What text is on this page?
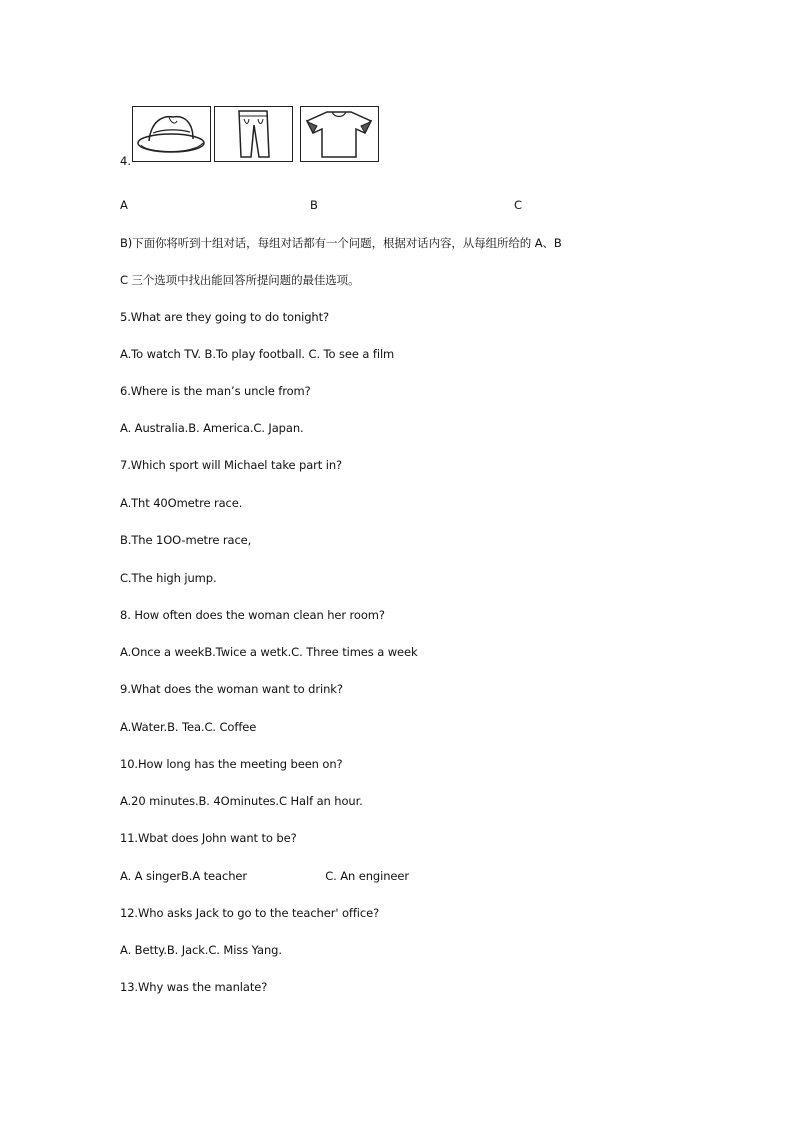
4.
A	B	C
B)下面你将听到十组对话，每组对话都有一个问题，根据对话内容，从每组所给的 A、B
C 三个选项中找出能回答所提问题的最佳选项。
5.What are they going to do tonight?
A.To watch TV. B.To play football. C. To see a film
6.Where is the man’s uncle from?
A. Australia.B. America.C. Japan.
7.Which sport will Michael take part in?
A.Tht 40Ometre race.
B.The 1OO-metre race,
C.The high jump.
8. How often does the woman clean her room?
A.Once a weekB.Twice a wetk.C. Three times a week
9.What does the woman want to drink?
A.Water.B. Tea.C. Coffee
10.How long has the meeting been on?
A.20 minutes.B. 4Ominutes.C Half an hour.
11.Wbat does John want to be?
A. A singerB.A teacher                      C. An engineer
12.Who asks Jack to go to the teacher' office?
A. Betty.B. Jack.C. Miss Yang.
13.Why was the manlate?
